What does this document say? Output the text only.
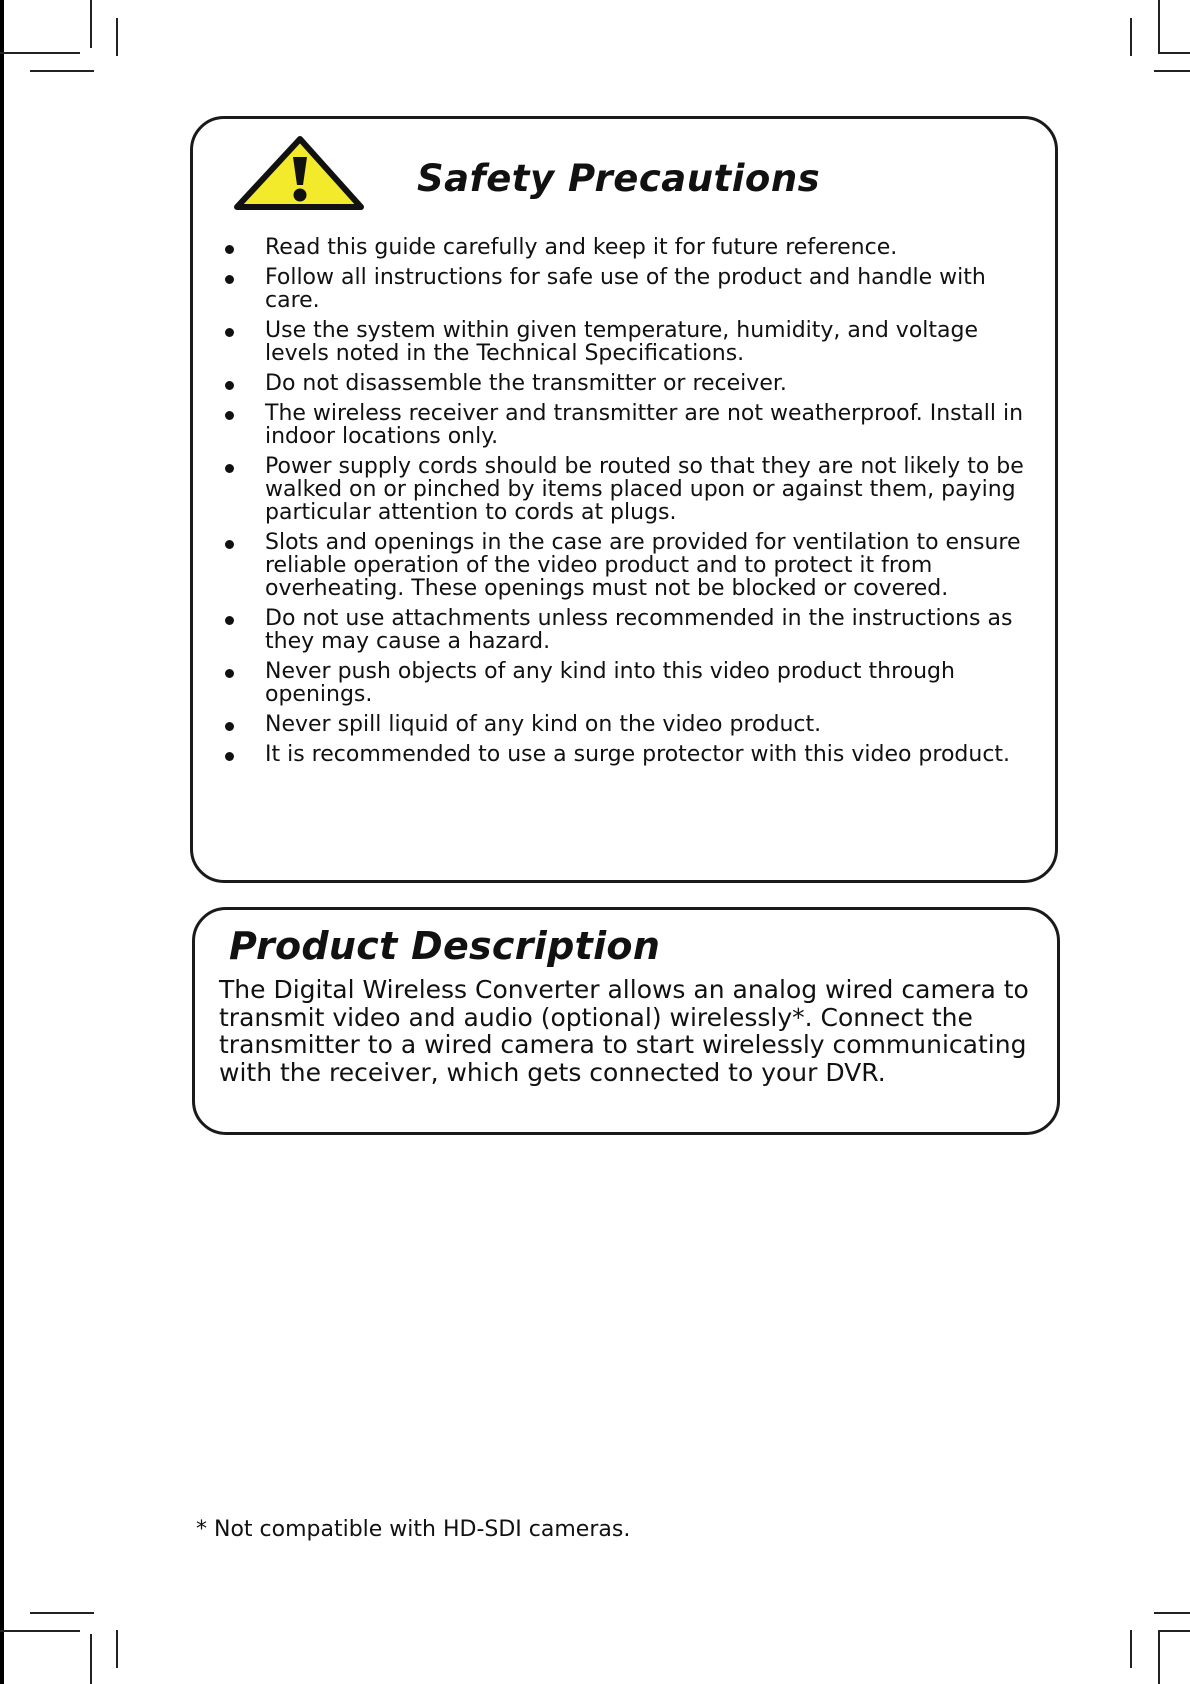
Safety Precautions
Read this guide carefully and keep it for future reference.
Follow all instructions for safe use of the product and handle with care.
Use the system within given temperature, humidity, and voltage levels noted in the Technical Specifications.
Do not disassemble the transmitter or receiver.
The wireless receiver and transmitter are not weatherproof. Install in indoor locations only.
Power supply cords should be routed so that they are not likely to be walked on or pinched by items placed upon or against them, paying particular attention to cords at plugs.
Slots and openings in the case are provided for ventilation to ensure reliable operation of the video product and to protect it from overheating. These openings must not be blocked or covered.
Do not use attachments unless recommended in the instructions as they may cause a hazard.
Never push objects of any kind into this video product through openings.
Never spill liquid of any kind on the video product.
It is recommended to use a surge protector with this video product.
Product Description

The Digital Wireless Converter allows an analog wired camera to transmit video and audio (optional) wirelessly*. Connect the transmitter to a wired camera to start wirelessly communicating with the receiver, which gets connected to your DVR.

* Not compatible with HD-SDI cameras.
